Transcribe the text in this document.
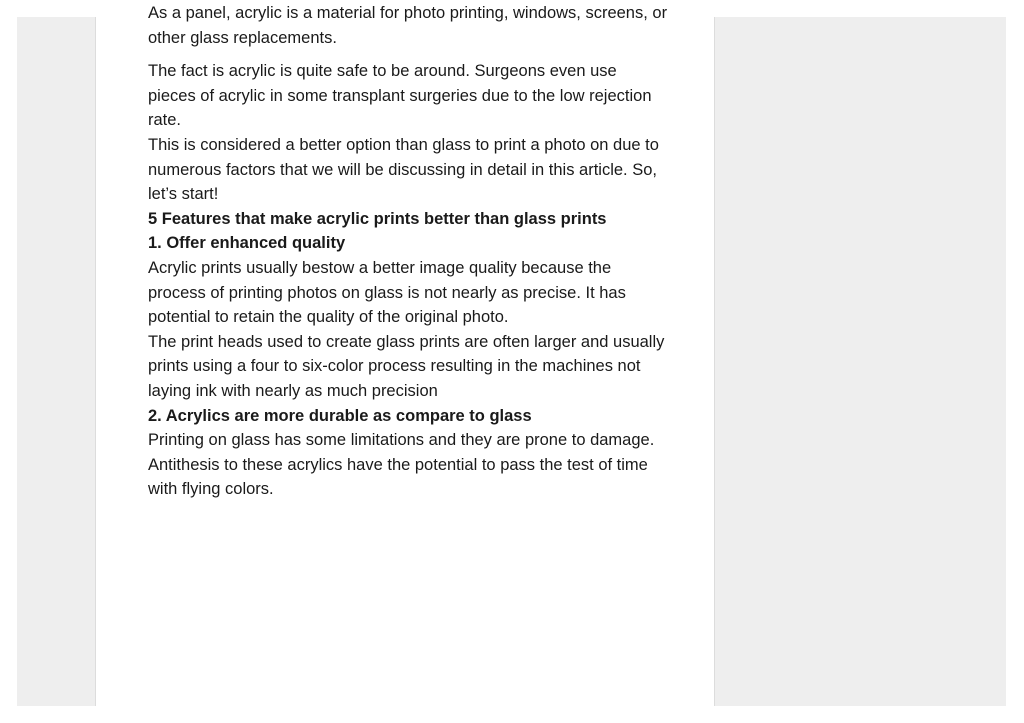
As a panel, acrylic is a material for photo printing, windows, screens, or other glass replacements.

The fact is acrylic is quite safe to be around. Surgeons even use pieces of acrylic in some transplant surgeries due to the low rejection rate.

This is considered a better option than glass to print a photo on due to numerous factors that we will be discussing in detail in this article. So, let’s start!

5 Features that make acrylic prints better than glass prints

1. Offer enhanced quality

Acrylic prints usually bestow a better image quality because the process of printing photos on glass is not nearly as precise. It has potential to retain the quality of the original photo.

The print heads used to create glass prints are often larger and usually prints using a four to six-color process resulting in the machines not laying ink with nearly as much precision

2. Acrylics are more durable as compare to glass

Printing on glass has some limitations and they are prone to damage. Antithesis to these acrylics have the potential to pass the test of time with flying colors.
